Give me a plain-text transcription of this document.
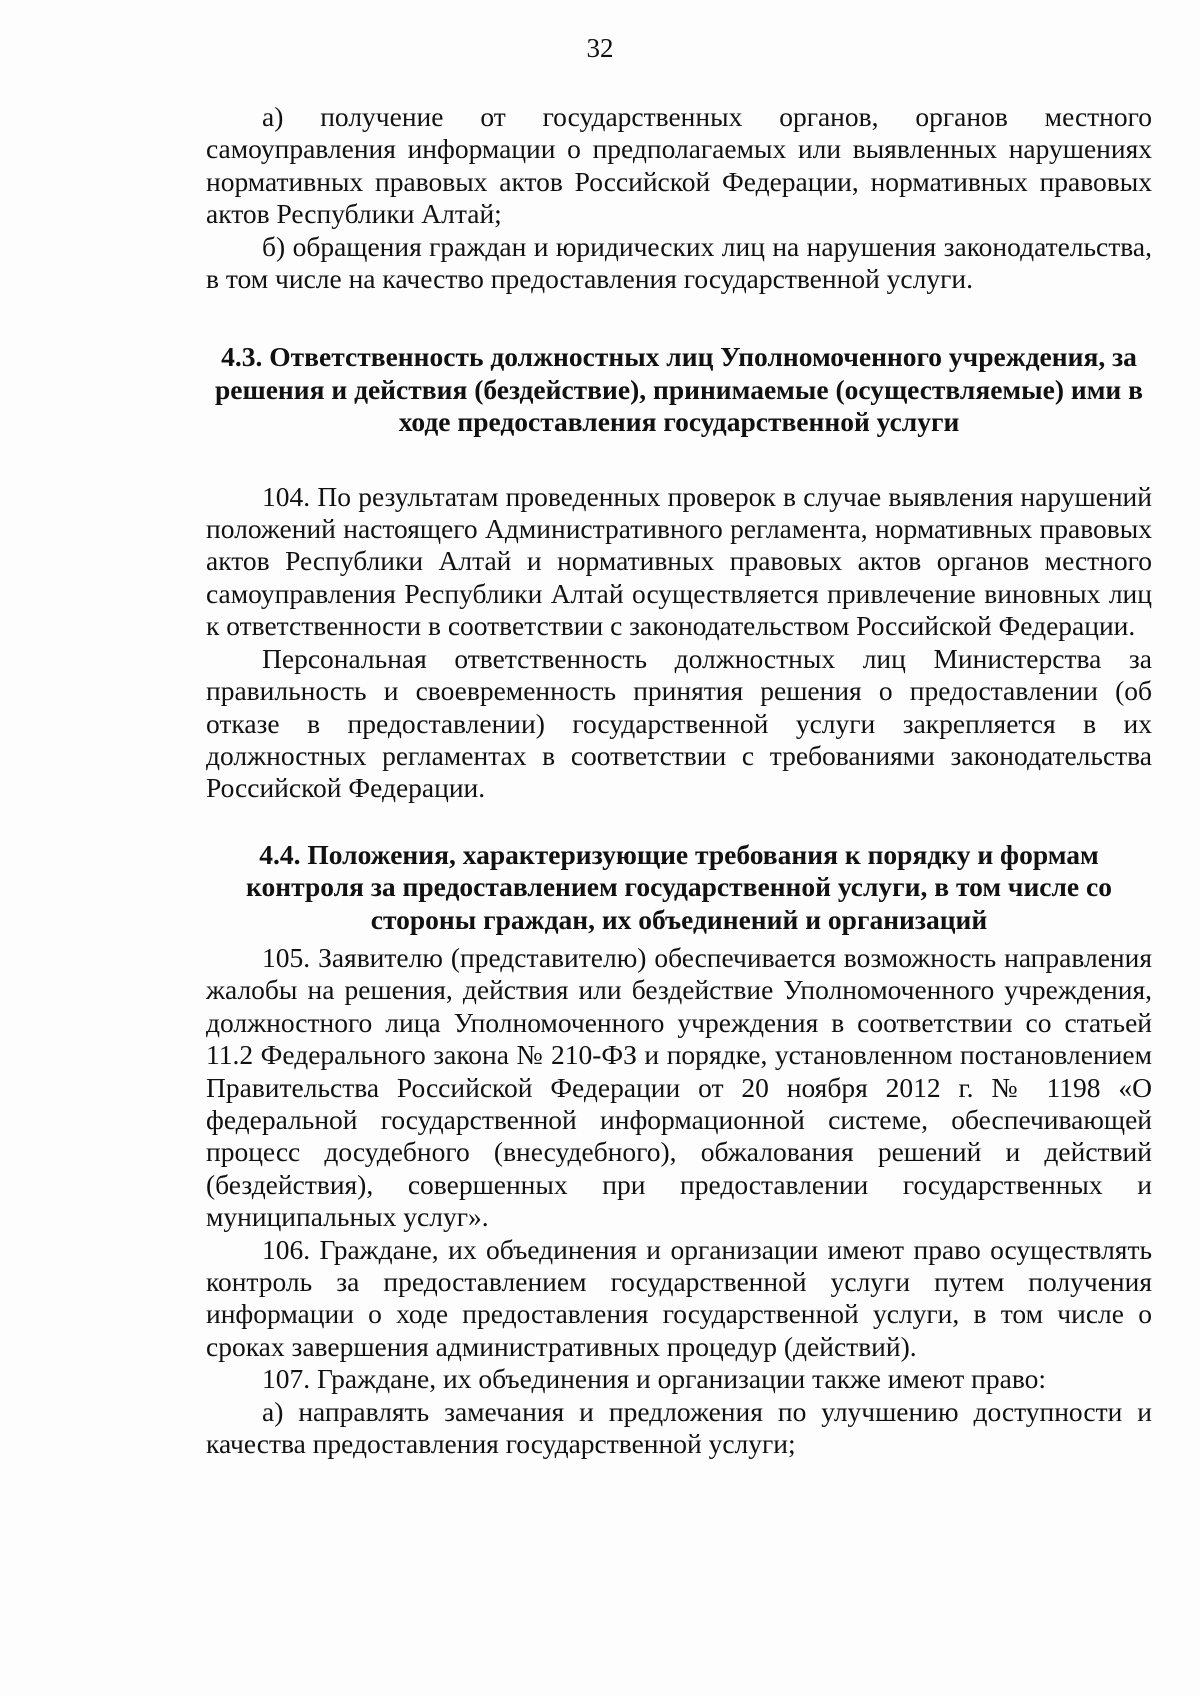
32

а) получение от государственных органов, органов местного самоуправления информации о предполагаемых или выявленных нарушениях нормативных правовых актов Российской Федерации, нормативных правовых актов Республики Алтай;

б) обращения граждан и юридических лиц на нарушения законодательства, в том числе на качество предоставления государственной услуги.

4.3. Ответственность должностных лиц Уполномоченного учреждения, за решения и действия (бездействие), принимаемые (осуществляемые) ими в ходе предоставления государственной услуги

104. По результатам проведенных проверок в случае выявления нарушений положений настоящего Административного регламента, нормативных правовых актов Республики Алтай и нормативных правовых актов органов местного самоуправления Республики Алтай осуществляется привлечение виновных лиц к ответственности в соответствии с законодательством Российской Федерации.

Персональная ответственность должностных лиц Министерства за правильность и своевременность принятия решения о предоставлении (об отказе в предоставлении) государственной услуги закрепляется в их должностных регламентах в соответствии с требованиями законодательства Российской Федерации.

4.4. Положения, характеризующие требования к порядку и формам контроля за предоставлением государственной услуги, в том числе со стороны граждан, их объединений и организаций

105. Заявителю (представителю) обеспечивается возможность направления жалобы на решения, действия или бездействие Уполномоченного учреждения, должностного лица Уполномоченного учреждения в соответствии со статьей 11.2 Федерального закона № 210-ФЗ и порядке, установленном постановлением Правительства Российской Федерации от 20 ноября 2012 г. № 1198 «О федеральной государственной информационной системе, обеспечивающей процесс досудебного (внесудебного), обжалования решений и действий (бездействия), совершенных при предоставлении государственных и муниципальных услуг».

106. Граждане, их объединения и организации имеют право осуществлять контроль за предоставлением государственной услуги путем получения информации о ходе предоставления государственной услуги, в том числе о сроках завершения административных процедур (действий).

107. Граждане, их объединения и организации также имеют право:

а) направлять замечания и предложения по улучшению доступности и качества предоставления государственной услуги;
